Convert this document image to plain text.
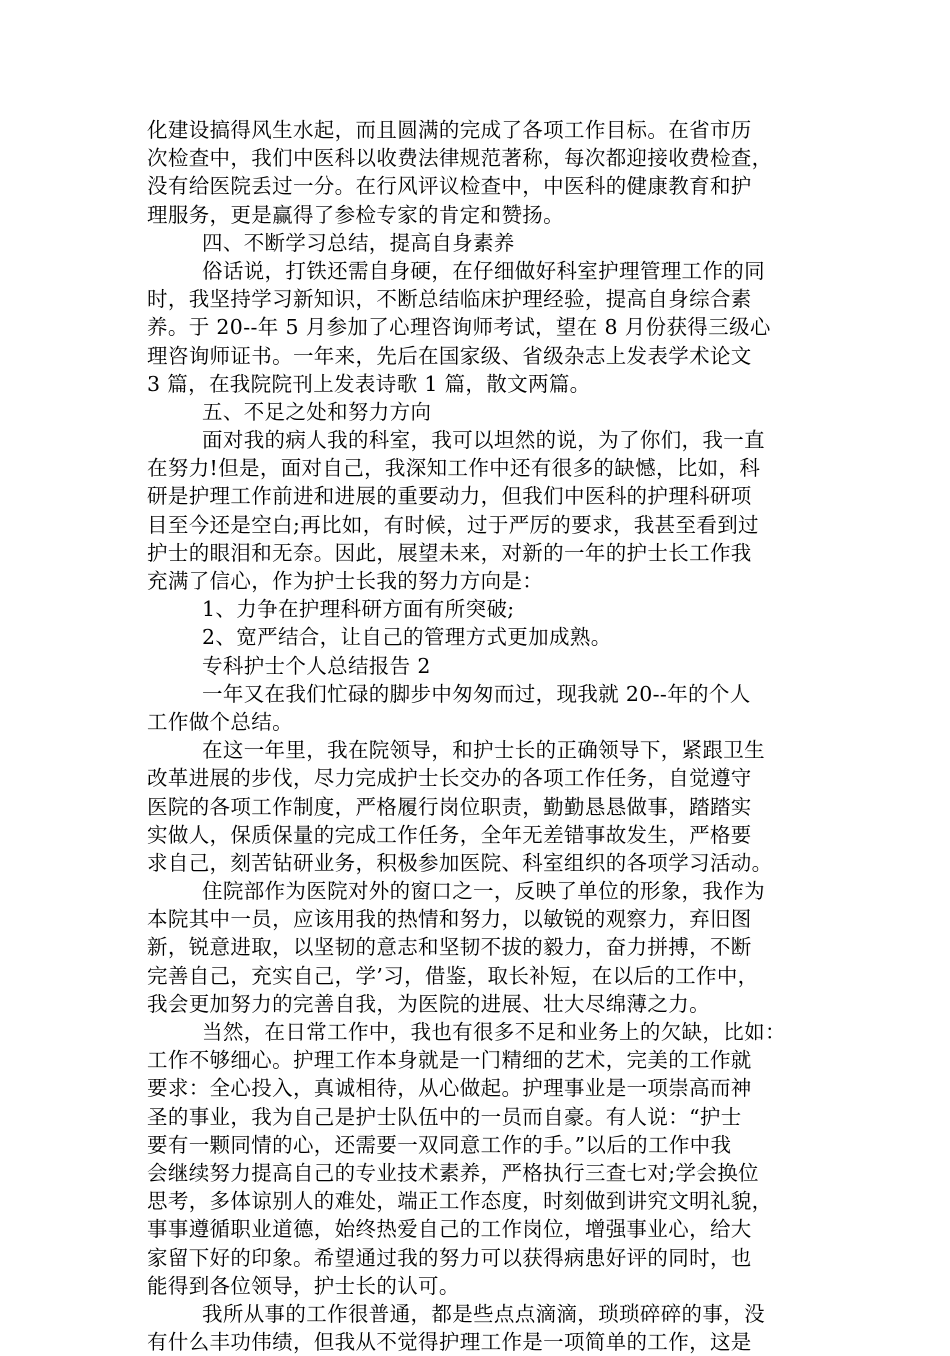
化建设搞得风生水起，而且圆满的完成了各项工作目标。在省市历
次检查中，我们中医科以收费法律规范著称，每次都迎接收费检查，
没有给医院丢过一分。在行风评议检查中，中医科的健康教育和护
理服务，更是赢得了参检专家的肯定和赞扬。
四、不断学习总结，提高自身素养
俗话说，打铁还需自身硬，在仔细做好科室护理管理工作的同
时，我坚持学习新知识，不断总结临床护理经验，提高自身综合素
养。于 20--年 5 月参加了心理咨询师考试，望在 8 月份获得三级心
理咨询师证书。一年来，先后在国家级、省级杂志上发表学术论文
3 篇，在我院院刊上发表诗歌 1 篇，散文两篇。
五、不足之处和努力方向
面对我的病人我的科室，我可以坦然的说，为了你们，我一直
在努力!但是，面对自己，我深知工作中还有很多的缺憾，比如，科
研是护理工作前进和进展的重要动力，但我们中医科的护理科研项
目至今还是空白;再比如，有时候，过于严厉的要求，我甚至看到过
护士的眼泪和无奈。因此，展望未来，对新的一年的护士长工作我
充满了信心，作为护士长我的努力方向是：
1、力争在护理科研方面有所突破;
2、宽严结合，让自己的管理方式更加成熟。
专科护士个人总结报告 2
一年又在我们忙碌的脚步中匆匆而过，现我就 20--年的个人
工作做个总结。
在这一年里，我在院领导，和护士长的正确领导下，紧跟卫生
改革进展的步伐，尽力完成护士长交办的各项工作任务，自觉遵守
医院的各项工作制度，严格履行岗位职责，勤勤恳恳做事，踏踏实
实做人，保质保量的完成工作任务，全年无差错事故发生，严格要
求自己，刻苦钻研业务，积极参加医院、科室组织的各项学习活动。
住院部作为医院对外的窗口之一，反映了单位的形象，我作为
本院其中一员，应该用我的热情和努力，以敏锐的观察力，弃旧图
新，锐意进取，以坚韧的意志和坚韧不拔的毅力，奋力拼搏，不断
完善自己，充实自己，学’习，借鉴，取长补短，在以后的工作中，
我会更加努力的完善自我，为医院的进展、壮大尽绵薄之力。
当然，在日常工作中，我也有很多不足和业务上的欠缺，比如：
工作不够细心。护理工作本身就是一门精细的艺术，完美的工作就
要求：全心投入，真诚相待，从心做起。护理事业是一项崇高而神
圣的事业，我为自己是护士队伍中的一员而自豪。有人说：“护士
要有一颗同情的心，还需要一双同意工作的手。”以后的工作中我
会继续努力提高自己的专业技术素养，严格执行三查七对;学会换位
思考，多体谅别人的难处，端正工作态度，时刻做到讲究文明礼貌，
事事遵循职业道德，始终热爱自己的工作岗位，增强事业心，给大
家留下好的印象。希望通过我的努力可以获得病患好评的同时，也
能得到各位领导，护士长的认可。
我所从事的工作很普通，都是些点点滴滴，琐琐碎碎的事，没
有什么丰功伟绩，但我从不觉得护理工作是一项简单的工作，这是
